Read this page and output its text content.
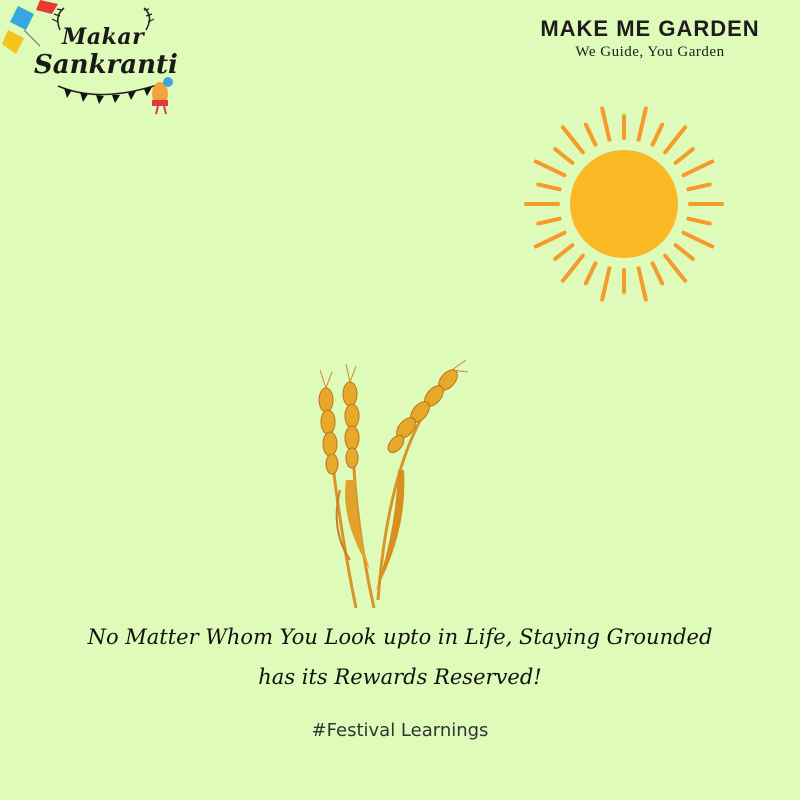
Makar
Sankranti
MAKE ME GARDEN
We Guide, You Garden
No Matter Whom You Look upto in Life, Staying Grounded
has its Rewards Reserved!
#Festival Learnings
